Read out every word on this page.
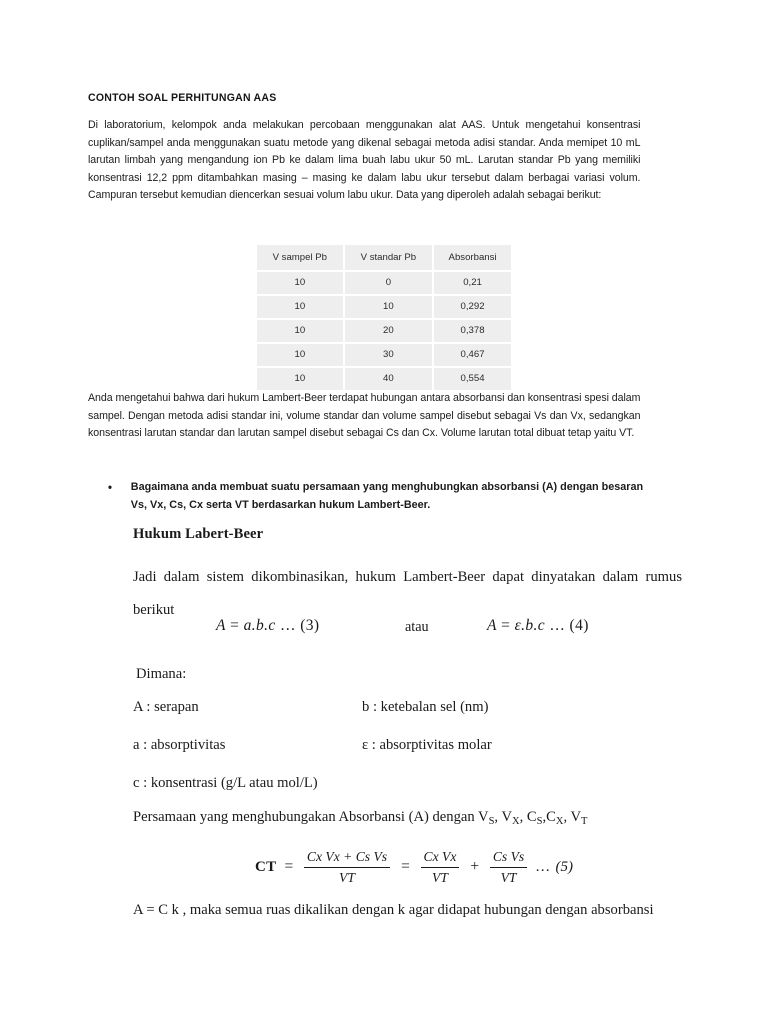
CONTOH SOAL PERHITUNGAN AAS
Di laboratorium, kelompok anda melakukan percobaan menggunakan alat AAS. Untuk mengetahui konsentrasi cuplikan/sampel anda menggunakan suatu metode yang dikenal sebagai metoda adisi standar. Anda memipet 10 mL larutan limbah yang mengandung ion Pb ke dalam lima buah labu ukur 50 mL. Larutan standar Pb yang memiliki konsentrasi 12,2 ppm ditambahkan masing – masing ke dalam labu ukur tersebut dalam berbagai variasi volum. Campuran tersebut kemudian diencerkan sesuai volum labu ukur. Data yang diperoleh adalah sebagai berikut:
V sampel Pb	V standar Pb	Absorbansi
10	0	0,21
10	10	0,292
10	20	0,378
10	30	0,467
10	40	0,554
Anda mengetahui bahwa dari hukum Lambert-Beer terdapat hubungan antara absorbansi dan konsentrasi spesi dalam sampel. Dengan metoda adisi standar ini, volume standar dan volume sampel disebut sebagai Vs dan Vx, sedangkan konsentrasi larutan standar dan larutan sampel disebut sebagai Cs dan Cx. Volume larutan total dibuat tetap yaitu VT.
•	Bagaimana anda membuat suatu persamaan yang menghubungkan absorbansi (A) dengan besaran Vs, Vx, Cs, Cx serta VT berdasarkan hukum Lambert-Beer.
Hukum Labert-Beer
Jadi dalam sistem dikombinasikan, hukum Lambert-Beer dapat dinyatakan dalam rumus berikut
A = a.b.c … (3)	atau	A = ε.b.c … (4)
Dimana:
A : serapan	b : ketebalan sel (nm)
a : absorptivitas	ε : absorptivitas molar
c : konsentrasi (g/L atau mol/L)
Persamaan yang menghubungakan Absorbansi (A) dengan $V_S$, $V_X$, $C_S,C_X$, $V_T$
CT = $\frac{\text{Cx Vx + Cs Vs}}{VT} = \frac{\text{Cx Vx}}{VT} + \frac{\text{Cs Vs}}{VT}$ … (5)
A = C k , maka semua ruas dikalikan dengan k agar didapat hubungan dengan absorbansi
